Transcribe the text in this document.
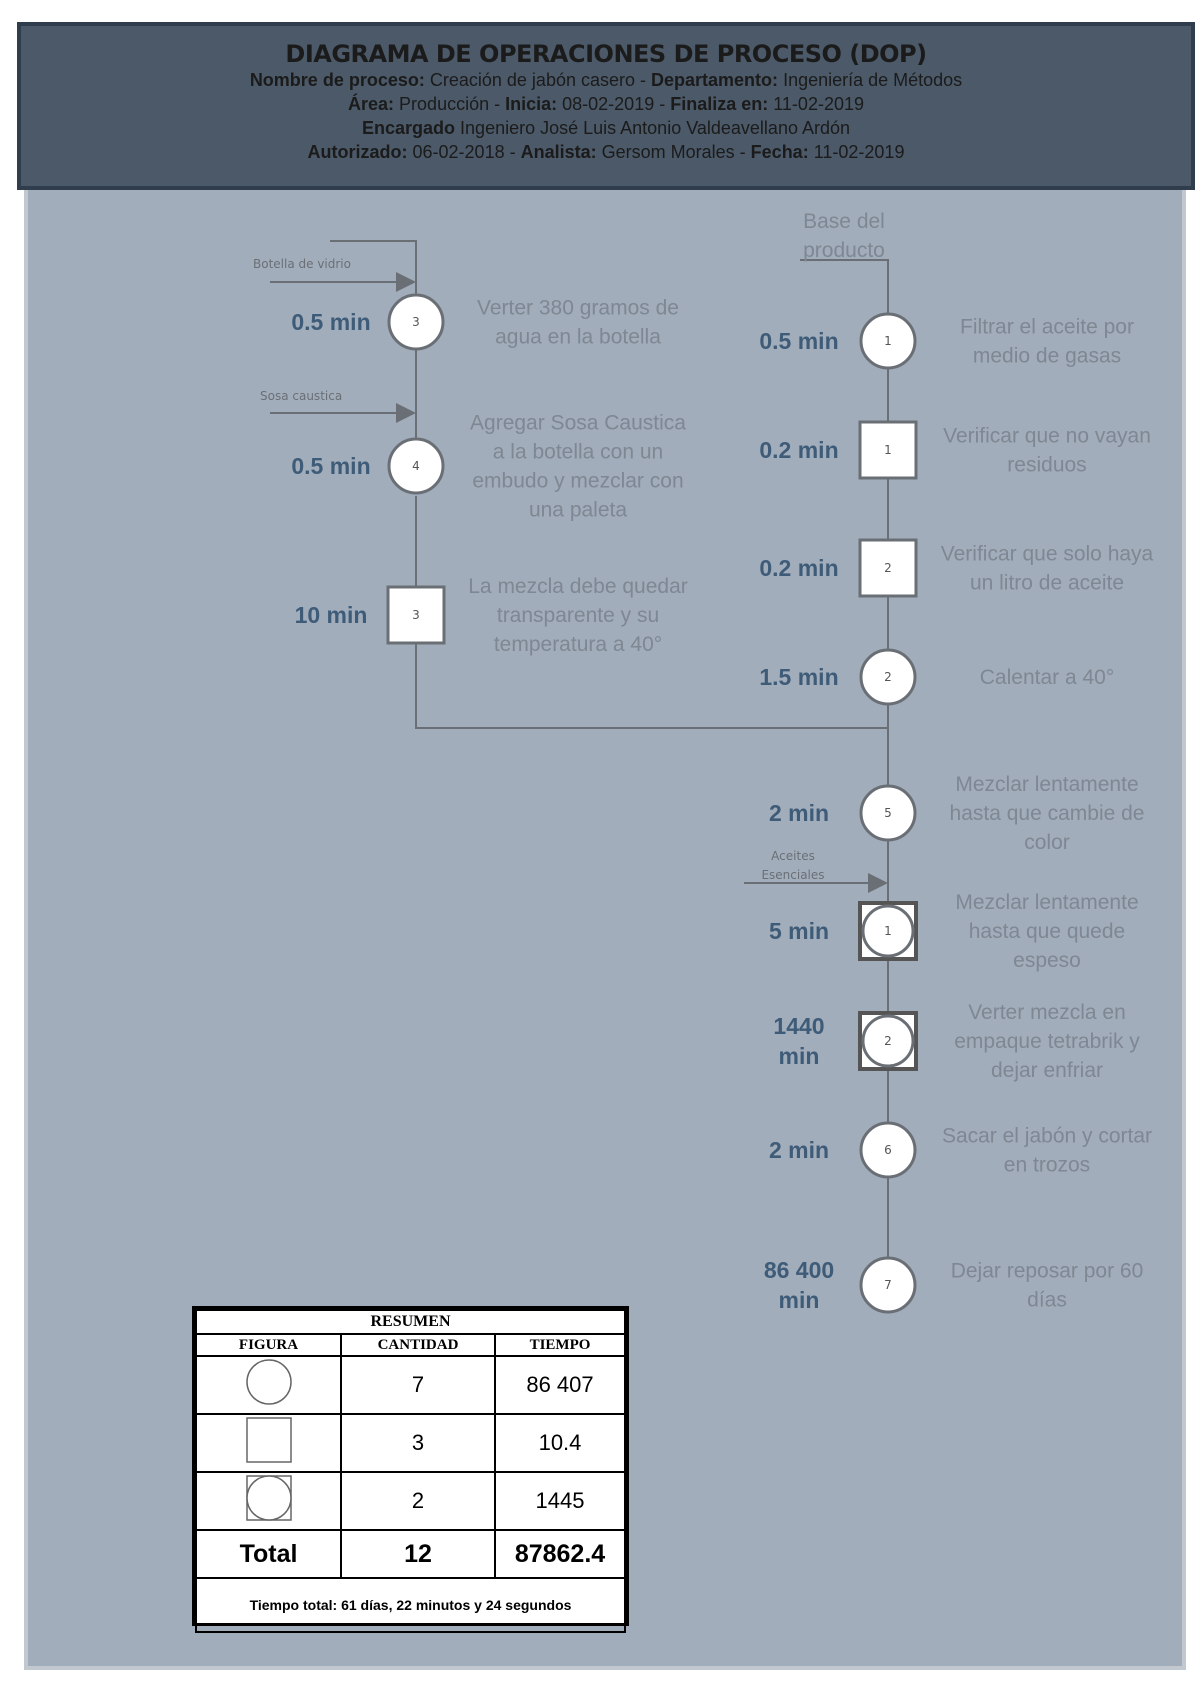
DIAGRAMA DE OPERACIONES DE PROCESO (DOP)
Nombre de proceso: Creación de jabón casero - Departamento: Ingeniería de Métodos
Área: Producción - Inicia: 08-02-2019 - Finaliza en: 11-02-2019
Encargado Ingeniero José Luis Antonio Valdeavellano Ardón
Autorizado: 06-02-2018 - Analista: Gersom Morales - Fecha: 11-02-2019
3
0.5 min
Verter 380 gramos de
agua en la botella
4
0.5 min
Agregar Sosa Caustica
a la botella con un
embudo y mezclar con
una paleta
3
10 min
La mezcla debe quedar
transparente y su
temperatura a 40°
1
0.5 min
Filtrar el aceite por
medio de gasas
1
0.2 min
Verificar que no vayan
residuos
2
0.2 min
Verificar que solo haya
un litro de aceite
2
1.5 min	Calentar a 40°
5
2 min
Mezclar lentamente
hasta que cambie de
color
1
5 min
Mezclar lentamente
hasta que quede
espeso
2
1440
min
Verter mezcla en
empaque tetrabrik y
dejar enfriar
6
2 min
Sacar el jabón y cortar
en trozos
7
86 400
min
Dejar reposar por 60
días
Botella de vidrio
Sosa caustica
Aceites
Esenciales
Base del
producto
RESUMEN		
FIGURA	CANTIDAD	TIEMPO
	7	86 407
	3	10.4
	2	1445
Total	12	87862.4
Tiempo total: 61 días, 22 minutos y 24 segundos		
